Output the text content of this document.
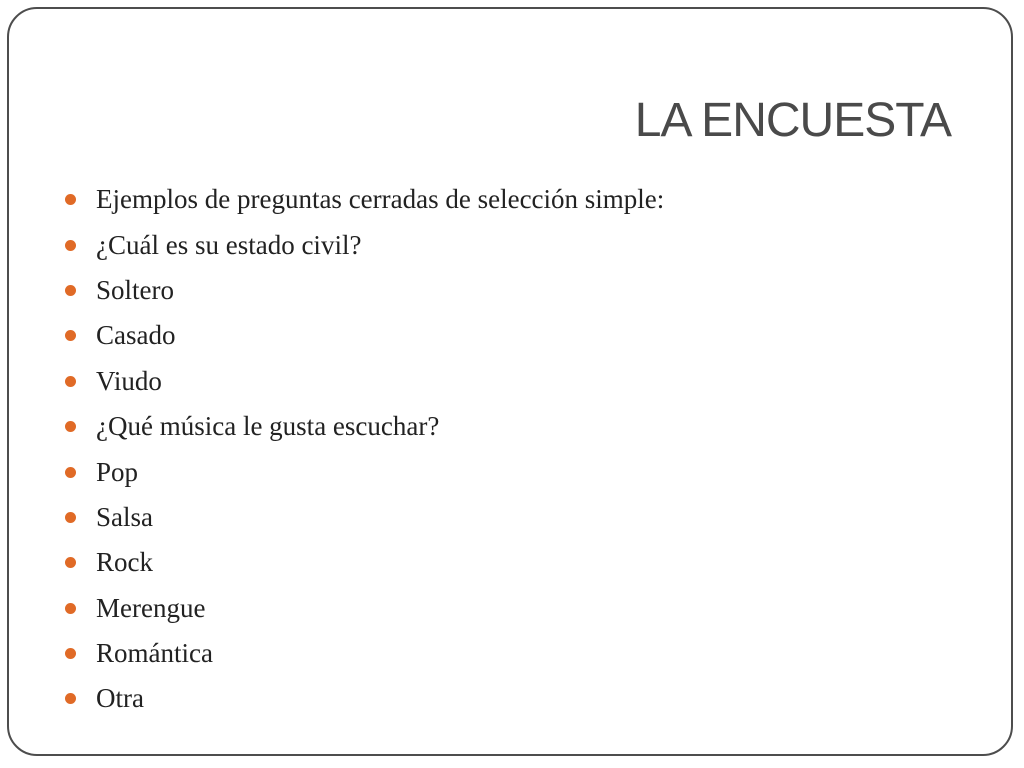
LA ENCUESTA
Ejemplos de preguntas cerradas de selección simple:
¿Cuál es su estado civil?
Soltero
Casado
Viudo
¿Qué música le gusta escuchar?
Pop
Salsa
Rock
Merengue
Romántica
Otra
